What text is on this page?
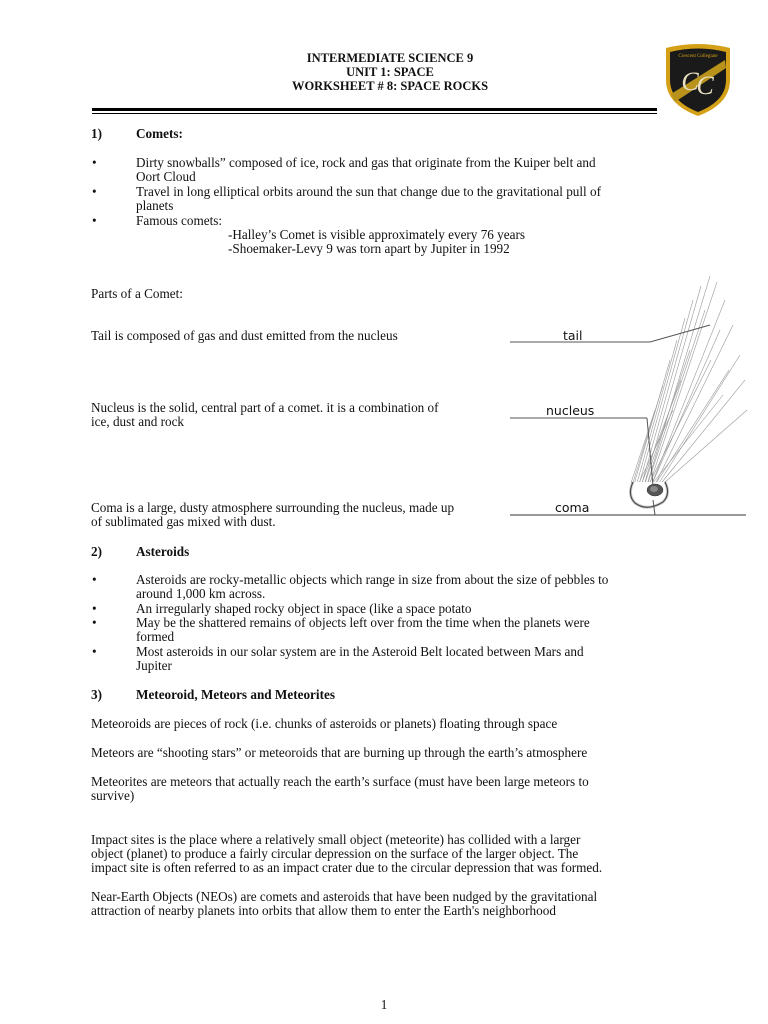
INTERMEDIATE SCIENCE 9
UNIT 1: SPACE
WORKSHEET # 8: SPACE ROCKS
Crescent Collegiate
C
C
1)	Comets:
•	Dirty snowballs” composed of ice, rock and gas that originate from the Kuiper belt and
Oort Cloud
•	Travel in long elliptical orbits around the sun that change due to the gravitational pull of
planets
•	Famous comets:
-Halley’s Comet is visible approximately every 76 years
-Shoemaker-Levy 9 was torn apart by Jupiter in 1992
Parts of a Comet:
Tail is composed of gas and dust emitted from the nucleus
Nucleus is the solid, central part of a comet. it is a combination of
ice, dust and rock
Coma is a large, dusty atmosphere surrounding the nucleus, made up
of sublimated gas mixed with dust.
tail
nucleus
coma
2)	Asteroids
•	Asteroids are rocky-metallic objects which range in size from about the size of pebbles to
around 1,000 km across.
•	An irregularly shaped rocky object in space (like a space potato
•	May be the shattered remains of objects left over from the time when the planets were
formed
•	Most asteroids in our solar system are in the Asteroid Belt located between Mars and
Jupiter
3)	Meteoroid, Meteors and Meteorites
Meteoroids are pieces of rock (i.e. chunks of asteroids or planets) floating through space
Meteors are “shooting stars” or meteoroids that are burning up through the earth’s atmosphere
Meteorites are meteors that actually reach the earth’s surface (must have been large meteors to
survive)
Impact sites is the place where a relatively small object (meteorite) has collided with a larger
object (planet) to produce a fairly circular depression on the surface of the larger object. The
impact site is often referred to as an impact crater due to the circular depression that was formed.
Near-Earth Objects (NEOs) are comets and asteroids that have been nudged by the gravitational
attraction of nearby planets into orbits that allow them to enter the Earth's neighborhood
1
